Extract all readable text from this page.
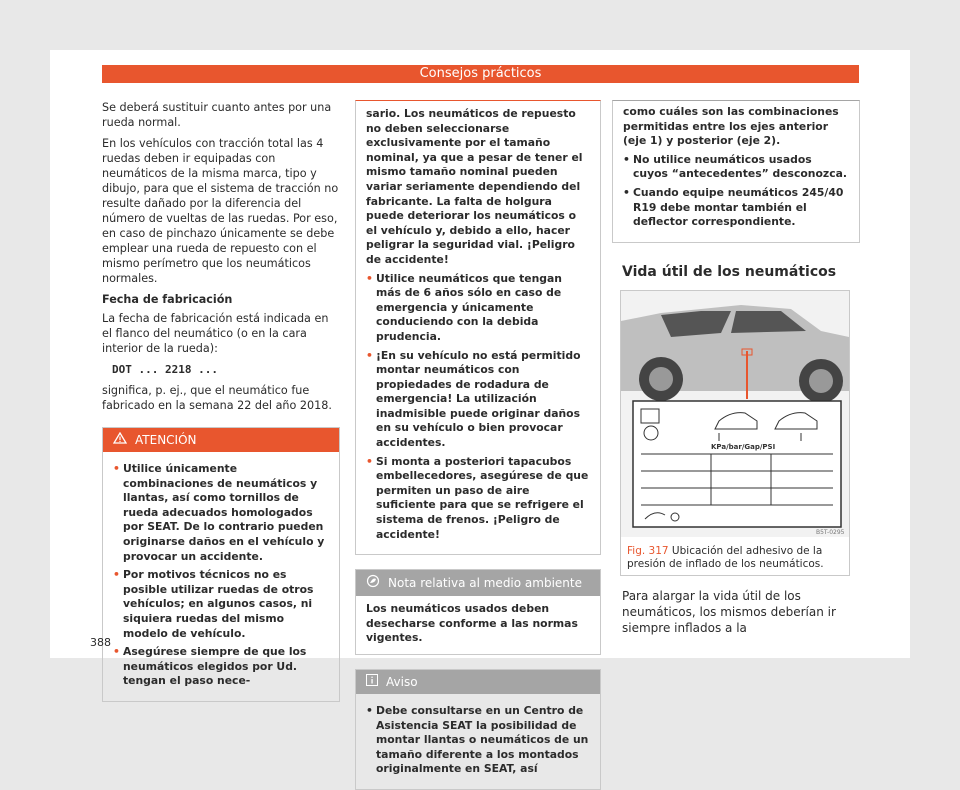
Consejos prácticos

Se deberá sustituir cuanto antes por una rueda normal.

En los vehículos con tracción total las 4 ruedas deben ir equipadas con neumáticos de la misma marca, tipo y dibujo, para que el sistema de tracción no resulte dañado por la diferencia del número de vueltas de las ruedas. Por eso, en caso de pinchazo únicamente se debe emplear una rueda de repuesto con el mismo perímetro que los neumáticos normales.

Fecha de fabricación

La fecha de fabricación está indicada en el flanco del neumático (o en la cara interior de la rueda):

DOT ... 2218 ...

significa, p. ej., que el neumático fue fabricado en la semana 22 del año 2018.

ATENCIÓN
• Utilice únicamente combinaciones de neumáticos y llantas, así como tornillos de rueda adecuados homologados por SEAT. De lo contrario pueden originarse daños en el vehículo y provocar un accidente.
• Por motivos técnicos no es posible utilizar ruedas de otros vehículos; en algunos casos, ni siquiera ruedas del mismo modelo de vehículo.
• Asegúrese siempre de que los neumáticos elegidos por Ud. tengan el paso nece-
sario. Los neumáticos de repuesto no deben seleccionarse exclusivamente por el tamaño nominal, ya que a pesar de tener el mismo tamaño nominal pueden variar seriamente dependiendo del fabricante. La falta de holgura puede deteriorar los neumáticos o el vehículo y, debido a ello, hacer peligrar la seguridad vial. ¡Peligro de accidente!
• Utilice neumáticos que tengan más de 6 años sólo en caso de emergencia y únicamente conduciendo con la debida prudencia.
• ¡En su vehículo no está permitido montar neumáticos con propiedades de rodadura de emergencia! La utilización inadmisible puede originar daños en su vehículo o bien provocar accidentes.
• Si monta a posteriori tapacubos embellecedores, asegúrese de que permiten un paso de aire suficiente para que se refrigere el sistema de frenos. ¡Peligro de accidente!
Nota relativa al medio ambiente
Los neumáticos usados deben desecharse conforme a las normas vigentes.
Aviso
• Debe consultarse en un Centro de Asistencia SEAT la posibilidad de montar llantas o neumáticos de un tamaño diferente a los montados originalmente en SEAT, así
como cuáles son las combinaciones permitidas entre los ejes anterior (eje 1) y posterior (eje 2).
• No utilice neumáticos usados cuyos “antecedentes” desconozca.
• Cuando equipe neumáticos 245/40 R19 debe montar también el deflector correspondiente.
Vida útil de los neumáticos
KPa/bar/Gap/PSI
B5T-0295
Fig. 317 Ubicación del adhesivo de la presión de inflado de los neumáticos.

Para alargar la vida útil de los neumáticos, los mismos deberían ir siempre inflados a la

388
